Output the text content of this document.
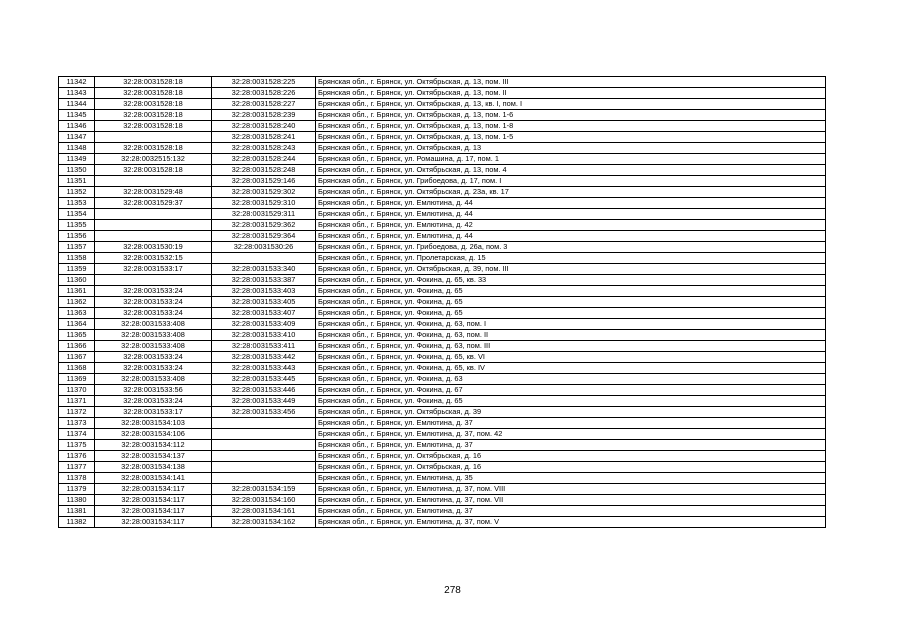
11342	32:28:0031528:18	32:28:0031528:225	Брянская обл., г. Брянск, ул. Октябрьская, д. 13, пом. III
11343	32:28:0031528:18	32:28:0031528:226	Брянская обл., г. Брянск, ул. Октябрьская, д. 13, пом. II
11344	32:28:0031528:18	32:28:0031528:227	Брянская обл., г. Брянск, ул. Октябрьская, д. 13, кв. I, пом. I
11345	32:28:0031528:18	32:28:0031528:239	Брянская обл., г. Брянск, ул. Октябрьская, д. 13, пом. 1-6
11346	32:28:0031528:18	32:28:0031528:240	Брянская обл., г. Брянск, ул. Октябрьская, д. 13, пом. 1-8
11347		32:28:0031528:241	Брянская обл., г. Брянск, ул. Октябрьская, д. 13, пом. 1-5
11348	32:28:0031528:18	32:28:0031528:243	Брянская обл., г. Брянск, ул. Октябрьская, д. 13
11349	32:28:0032515:132	32:28:0031528:244	Брянская обл., г. Брянск, ул. Ромашина, д. 17, пом. 1
11350	32:28:0031528:18	32:28:0031528:248	Брянская обл., г. Брянск, ул. Октябрьская, д. 13, пом. 4
11351		32:28:0031529:146	Брянская обл., г. Брянск, ул. Грибоедова, д. 17, пом. I
11352	32:28:0031529:48	32:28:0031529:302	Брянская обл., г. Брянск, ул. Октябрьская, д. 23а, кв. 17
11353	32:28:0031529:37	32:28:0031529:310	Брянская обл., г. Брянск, ул. Емлютина, д. 44
11354		32:28:0031529:311	Брянская обл., г. Брянск, ул. Емлютина, д. 44
11355		32:28:0031529:362	Брянская обл., г. Брянск, ул. Емлютина, д. 42
11356		32:28:0031529:364	Брянская обл., г. Брянск, ул. Емлютина, д. 44
11357	32:28:0031530:19	32:28:0031530:26	Брянская обл., г. Брянск, ул. Грибоедова, д. 26а, пом. 3
11358	32:28:0031532:15		Брянская обл., г. Брянск, ул. Пролетарская, д. 15
11359	32:28:0031533:17	32:28:0031533:340	Брянская обл., г. Брянск, ул. Октябрьская, д. 39, пом. III
11360		32:28:0031533:387	Брянская обл., г. Брянск, ул. Фокина, д. 65, кв. 33
11361	32:28:0031533:24	32:28:0031533:403	Брянская обл., г. Брянск, ул. Фокина, д. 65
11362	32:28:0031533:24	32:28:0031533:405	Брянская обл., г. Брянск, ул. Фокина, д. 65
11363	32:28:0031533:24	32:28:0031533:407	Брянская обл., г. Брянск, ул. Фокина, д. 65
11364	32:28:0031533:408	32:28:0031533:409	Брянская обл., г. Брянск, ул. Фокина, д. 63, пом. I
11365	32:28:0031533:408	32:28:0031533:410	Брянская обл., г. Брянск, ул. Фокина, д. 63, пом. II
11366	32:28:0031533:408	32:28:0031533:411	Брянская обл., г. Брянск, ул. Фокина, д. 63, пом. III
11367	32:28:0031533:24	32:28:0031533:442	Брянская обл., г. Брянск, ул. Фокина, д. 65, кв. VI
11368	32:28:0031533:24	32:28:0031533:443	Брянская обл., г. Брянск, ул. Фокина, д. 65, кв. IV
11369	32:28:0031533:408	32:28:0031533:445	Брянская обл., г. Брянск, ул. Фокина, д. 63
11370	32:28:0031533:56	32:28:0031533:446	Брянская обл., г. Брянск, ул. Фокина, д. 67
11371	32:28:0031533:24	32:28:0031533:449	Брянская обл., г. Брянск, ул. Фокина, д. 65
11372	32:28:0031533:17	32:28:0031533:456	Брянская обл., г. Брянск, ул. Октябрьская, д. 39
11373	32:28:0031534:103		Брянская обл., г. Брянск, ул. Емлютина, д. 37
11374	32:28:0031534:106		Брянская обл., г. Брянск, ул. Емлютина, д. 37, пом. 42
11375	32:28:0031534:112		Брянская обл., г. Брянск, ул. Емлютина, д. 37
11376	32:28:0031534:137		Брянская обл., г. Брянск, ул. Октябрьская, д. 16
11377	32:28:0031534:138		Брянская обл., г. Брянск, ул. Октябрьская, д. 16
11378	32:28:0031534:141		Брянская обл., г. Брянск, ул. Емлютина, д. 35
11379	32:28:0031534:117	32:28:0031534:159	Брянская обл., г. Брянск, ул. Емлютина, д. 37, пом. VIII
11380	32:28:0031534:117	32:28:0031534:160	Брянская обл., г. Брянск, ул. Емлютина, д. 37, пом. VII
11381	32:28:0031534:117	32:28:0031534:161	Брянская обл., г. Брянск, ул. Емлютина, д. 37
11382	32:28:0031534:117	32:28:0031534:162	Брянская обл., г. Брянск, ул. Емлютина, д. 37, пом. V
278
